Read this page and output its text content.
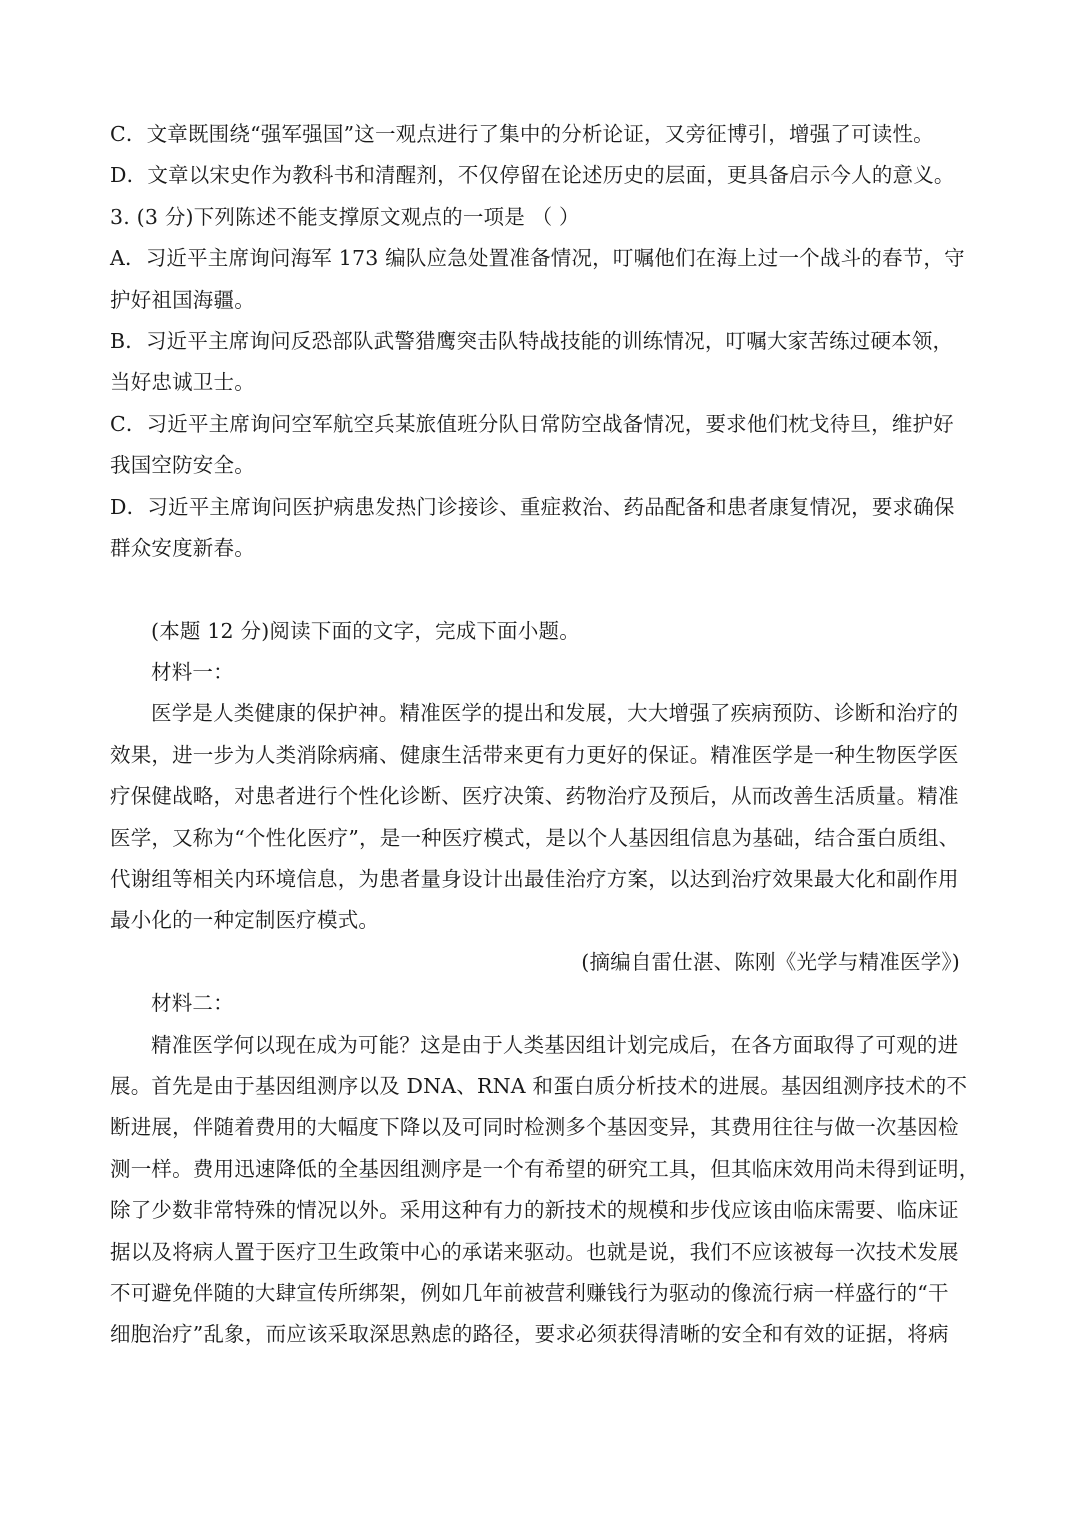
C．文章既围绕“强军强国”这一观点进行了集中的分析论证，又旁征博引，增强了可读性。
D．文章以宋史作为教科书和清醒剂，不仅停留在论述历史的层面，更具备启示今人的意义。
3. (3 分)下列陈述不能支撑原文观点的一项是 （ ）
A．习近平主席询问海军 173 编队应急处置准备情况，叮嘱他们在海上过一个战斗的春节，守
护好祖国海疆。
B．习近平主席询问反恐部队武警猎鹰突击队特战技能的训练情况，叮嘱大家苦练过硬本领，
当好忠诚卫士。
C．习近平主席询问空军航空兵某旅值班分队日常防空战备情况，要求他们枕戈待旦，维护好
我国空防安全。
D．习近平主席询问医护病患发热门诊接诊、重症救治、药品配备和患者康复情况，要求确保
群众安度新春。
(本题 12 分)阅读下面的文字，完成下面小题。
材料一：
医学是人类健康的保护神。精准医学的提出和发展，大大增强了疾病预防、诊断和治疗的
效果，进一步为人类消除病痛、健康生活带来更有力更好的保证。精准医学是一种生物医学医
疗保健战略，对患者进行个性化诊断、医疗决策、药物治疗及预后，从而改善生活质量。精准
医学，又称为“个性化医疗”，是一种医疗模式，是以个人基因组信息为基础，结合蛋白质组、
代谢组等相关内环境信息，为患者量身设计出最佳治疗方案，以达到治疗效果最大化和副作用
最小化的一种定制医疗模式。
(摘编自雷仕湛、陈刚《光学与精准医学》)
材料二：
精准医学何以现在成为可能？这是由于人类基因组计划完成后，在各方面取得了可观的进
展。首先是由于基因组测序以及 DNA、RNA 和蛋白质分析技术的进展。基因组测序技术的不
断进展，伴随着费用的大幅度下降以及可同时检测多个基因变异，其费用往往与做一次基因检
测一样。费用迅速降低的全基因组测序是一个有希望的研究工具，但其临床效用尚未得到证明，
除了少数非常特殊的情况以外。采用这种有力的新技术的规模和步伐应该由临床需要、临床证
据以及将病人置于医疗卫生政策中心的承诺来驱动。也就是说，我们不应该被每一次技术发展
不可避免伴随的大肆宣传所绑架，例如几年前被营利赚钱行为驱动的像流行病一样盛行的“干
细胞治疗”乱象，而应该采取深思熟虑的路径，要求必须获得清晰的安全和有效的证据，将病
